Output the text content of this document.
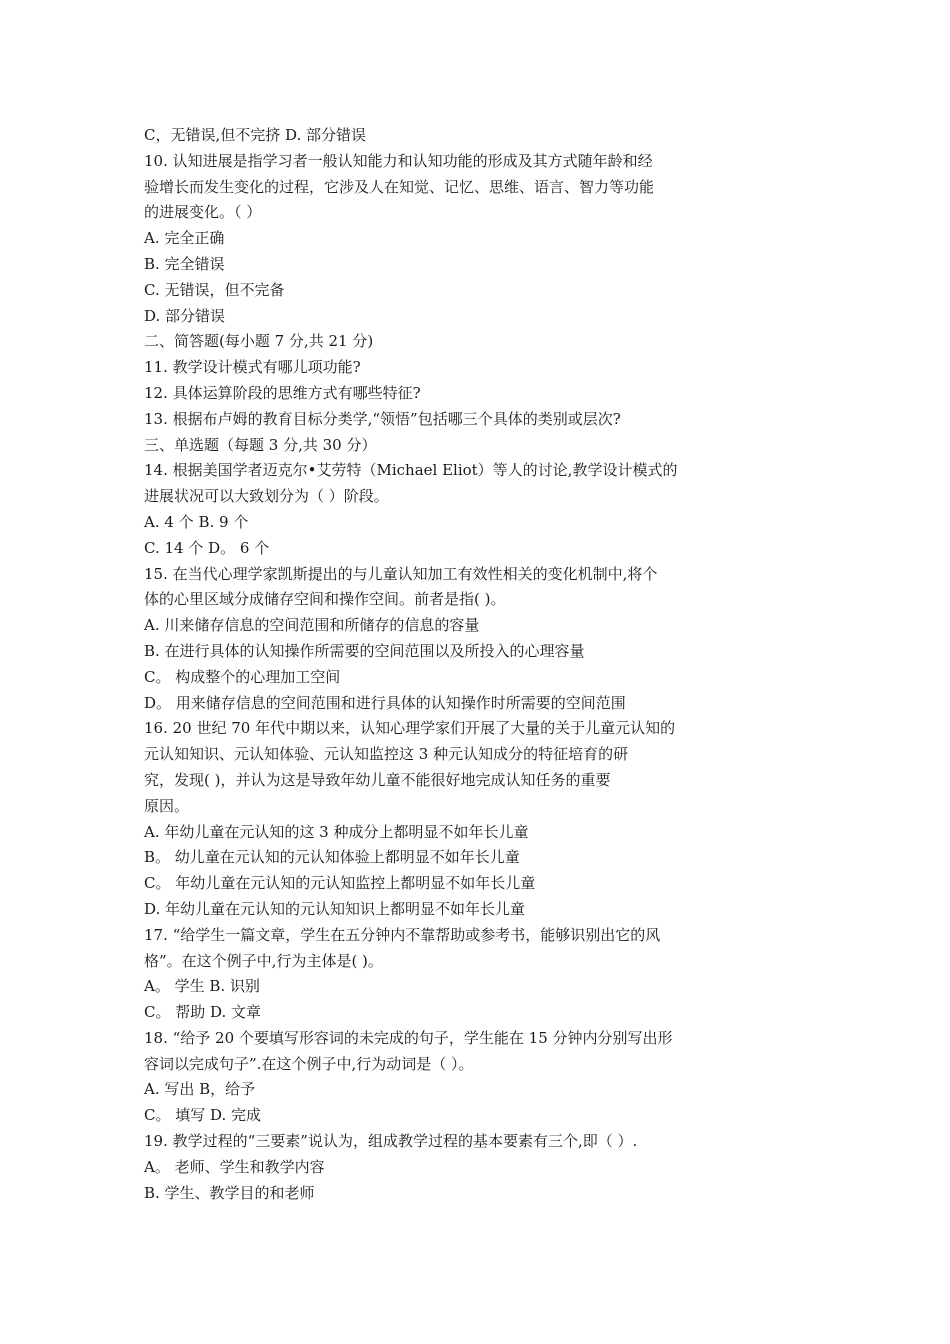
C，无错误,但不完挤 D. 部分错误
10. 认知进展是指学习者一般认知能力和认知功能的形成及其方式随年龄和经
验增长而发生变化的过程，它涉及人在知觉、记忆、思维、语言、智力等功能
的进展变化。（ ）
A. 完全正确
B. 完全错误
C. 无错误，但不完备
D. 部分错误
二、简答题(每小题 7 分,共 21 分)
11. 教学设计模式有哪儿项功能?
12. 具体运算阶段的思维方式有哪些特征?
13. 根据布卢姆的教育目标分类学,“领悟”包括哪三个具体的类别或层次?
三、单选题（每题 3 分,共 30 分）
14. 根据美国学者迈克尔•艾劳特（Michael Eliot）等人的讨论,教学设计模式的
进展状况可以大致划分为（ ）阶段。
A. 4 个 B. 9 个
C. 14 个 D。 6 个
15. 在当代心理学家凯斯提出的与儿童认知加工有效性相关的变化机制中,将个
体的心里区域分成储存空间和操作空间。前者是指( )。
A. 川来储存信息的空间范围和所储存的信息的容量
B. 在进行具体的认知操作所需要的空间范围以及所投入的心理容量
C。 构成整个的心理加工空间
D。 用来储存信息的空间范围和进行具体的认知操作时所需要的空间范围
16. 20 世纪 70 年代中期以来，认知心理学家们开展了大量的关于儿童元认知的
元认知知识、元认知体验、元认知监控这 3 种元认知成分的特征培育的研
究，发现( )，并认为这是导致年幼儿童不能很好地完成认知任务的重要
原因。
A. 年幼儿童在元认知的这 3 种成分上都明显不如年长儿童
B。 幼儿童在元认知的元认知体验上都明显不如年长儿童
C。 年幼儿童在元认知的元认知监控上都明显不如年长儿童
D. 年幼儿童在元认知的元认知知识上都明显不如年长儿童
17. “给学生一篇文章，学生在五分钟内不靠帮助或参考书，能够识别出它的风
格”。在这个例子中,行为主体是( )。
A。 学生 B. 识别
C。 帮助 D. 文章
18. “给予 20 个要填写形容词的未完成的句子，学生能在 15 分钟内分别写出形
容词以完成句子”.在这个例子中,行为动词是（ ）。
A. 写出 B，给予
C。 填写 D. 完成
19. 教学过程的“三要素”说认为，组成教学过程的基本要素有三个,即（ ）.
A。 老师、学生和教学内容
B. 学生、教学目的和老师
